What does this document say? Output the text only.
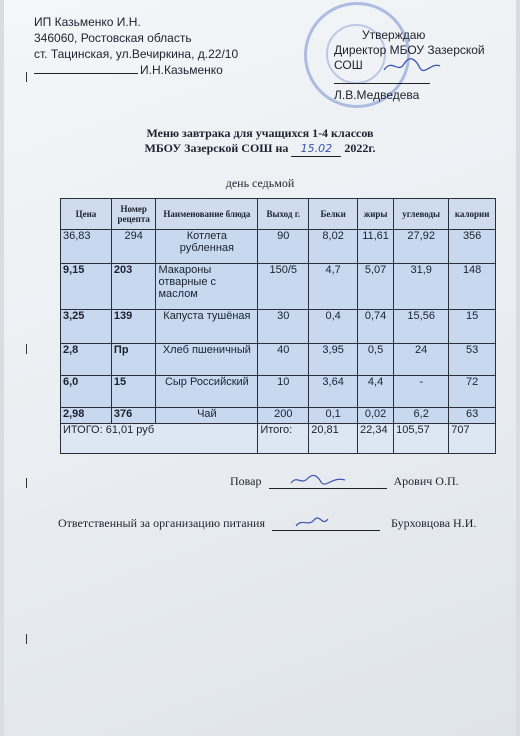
ИП Казьменко И.Н.
346060, Ростовская область
ст. Тацинская, ул.Вечиркина, д.22/10
И.Н.Казьменко
Утверждаю
Директор МБОУ Зазерской СОШ
Л.В.Медведева
Меню завтрака для учащихся 1-4 классов
МБОУ Зазерской СОШ на 15.02 2022г.
день седьмой
Цена	Номер рецепта	Наименование блюда	Выход г.	Белки	жиры	углеводы	калории
36,83	294	Котлета рубленная	90	8,02	11,61	27,92	356
9,15	203	Макароны отварные с маслом	150/5	4,7	5,07	31,9	148
3,25	139	Капуста тушёная	30	0,4	0,74	15,56	15
2,8	Пр	Хлеб пшеничный	40	3,95	0,5	24	53
6,0	15	Сыр Российский	10	3,64	4,4	-	72
2,98	376	Чай	200	0,1	0,02	6,2	63
ИТОГО: 61,01 руб			Итого:	20,81	22,34	105,57	707
Повар	Арович О.П.
Ответственный за организацию питания	Бурховцова Н.И.
